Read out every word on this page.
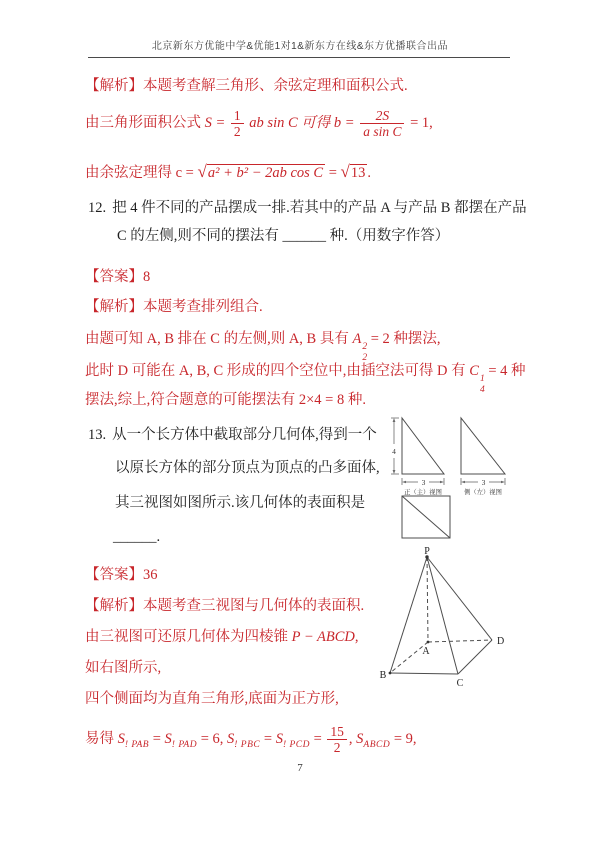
北京新东方优能中学&优能1对1&新东方在线&东方优播联合出品
【解析】本题考查解三角形、余弦定理和面积公式.
由三角形面积公式 $S = \frac{1}{2}$ ab sin C 可得 $b = \frac{2S}{\text{a sin C}} = 1$,
由余弦定理得 c = √a² + b² − 2ab cos C = √13 .
12. 把 4 件不同的产品摆成一排.若其中的产品 A 与产品 B 都摆在产品
C 的左侧,则不同的摆法有 ______ 种.（用数字作答）
【答案】8
【解析】本题考查排列组合.
由题可知 A, B 排在 C 的左侧,则 A, B 具有 A 2
2
= 2 种摆法,
此时 D 可能在 A, B, C 形成的四个空位中,由插空法可得 D 有 C 1
4
= 4 种
摆法,综上,符合题意的可能摆法有 2×4 = 8 种.
13. 从一个长方体中截取部分几何体,得到一个
以原长方体的部分顶点为顶点的凸多面体,
其三视图如图所示.该几何体的表面积是
______.
【答案】36
【解析】本题考查三视图与几何体的表面积.
由三视图可还原几何体为四棱锥 P − ABCD,
如右图所示,
四个侧面均为直角三角形,底面为正方形,
易得 $S_{! PAB} = S_{! PAD} = 6$, $S_{! PBC} = S_{! PCD} = \frac{15}{2}$ , $S_{ABCD} = 9$,
4
3
正（主）视图
3
侧（左）视图
P
A
B
C
D
7
